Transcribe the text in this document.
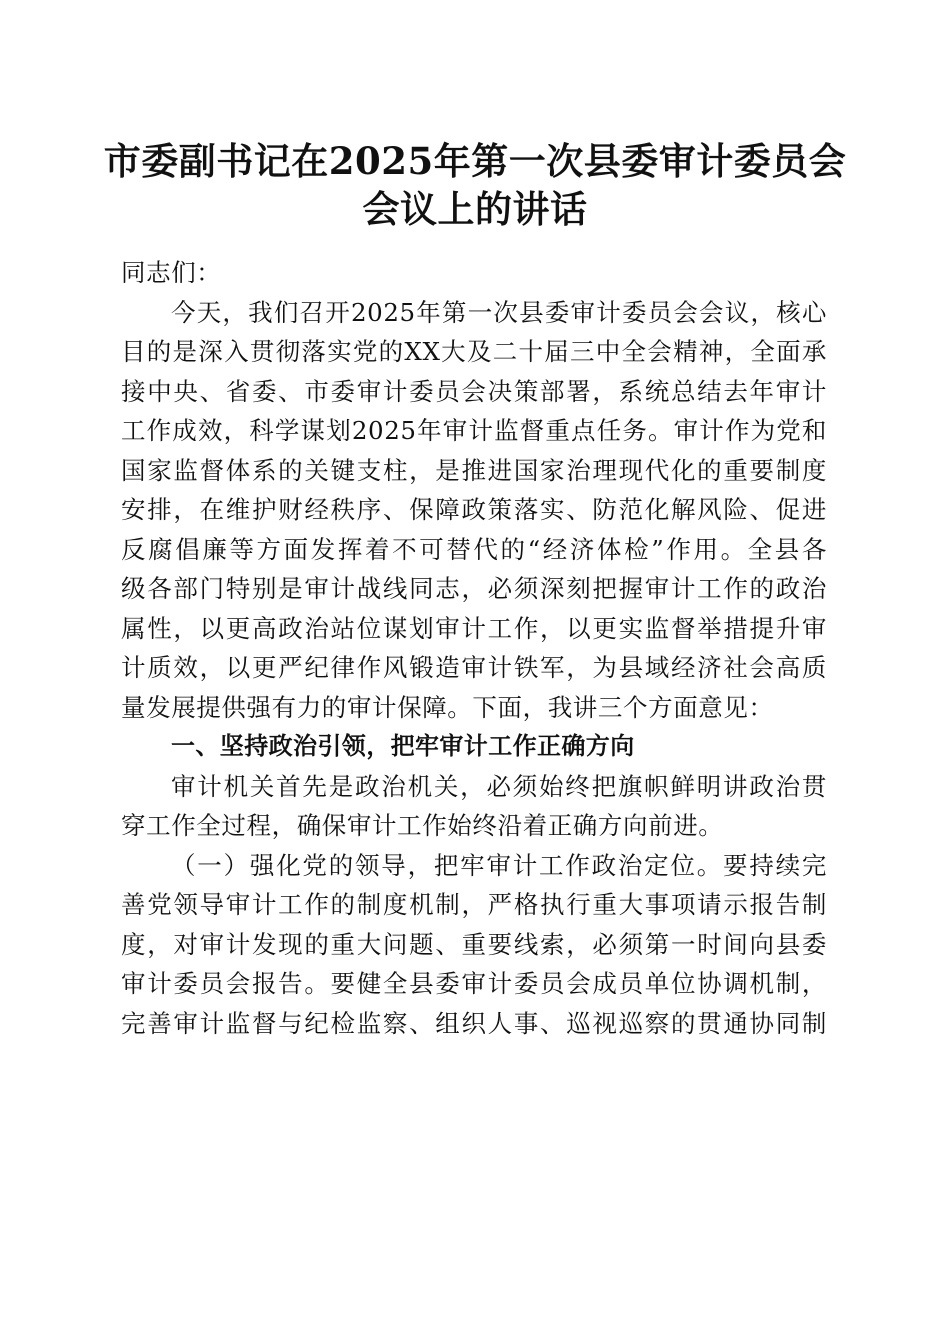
市委副书记在2025年第一次县委审计委员会
会议上的讲话
同志们：
今天，我们召开2025年第一次县委审计委员会会议，核心
目的是深入贯彻落实党的XX大及二十届三中全会精神，全面承
接中央、省委、市委审计委员会决策部署，系统总结去年审计
工作成效，科学谋划2025年审计监督重点任务。审计作为党和
国家监督体系的关键支柱，是推进国家治理现代化的重要制度
安排，在维护财经秩序、保障政策落实、防范化解风险、促进
反腐倡廉等方面发挥着不可替代的“经济体检”作用。全县各
级各部门特别是审计战线同志，必须深刻把握审计工作的政治
属性，以更高政治站位谋划审计工作，以更实监督举措提升审
计质效，以更严纪律作风锻造审计铁军，为县域经济社会高质
量发展提供强有力的审计保障。下面，我讲三个方面意见：
一、坚持政治引领，把牢审计工作正确方向
审计机关首先是政治机关，必须始终把旗帜鲜明讲政治贯
穿工作全过程，确保审计工作始终沿着正确方向前进。
（一）强化党的领导，把牢审计工作政治定位。要持续完
善党领导审计工作的制度机制，严格执行重大事项请示报告制
度，对审计发现的重大问题、重要线索，必须第一时间向县委
审计委员会报告。要健全县委审计委员会成员单位协调机制，
完善审计监督与纪检监察、组织人事、巡视巡察的贯通协同制
